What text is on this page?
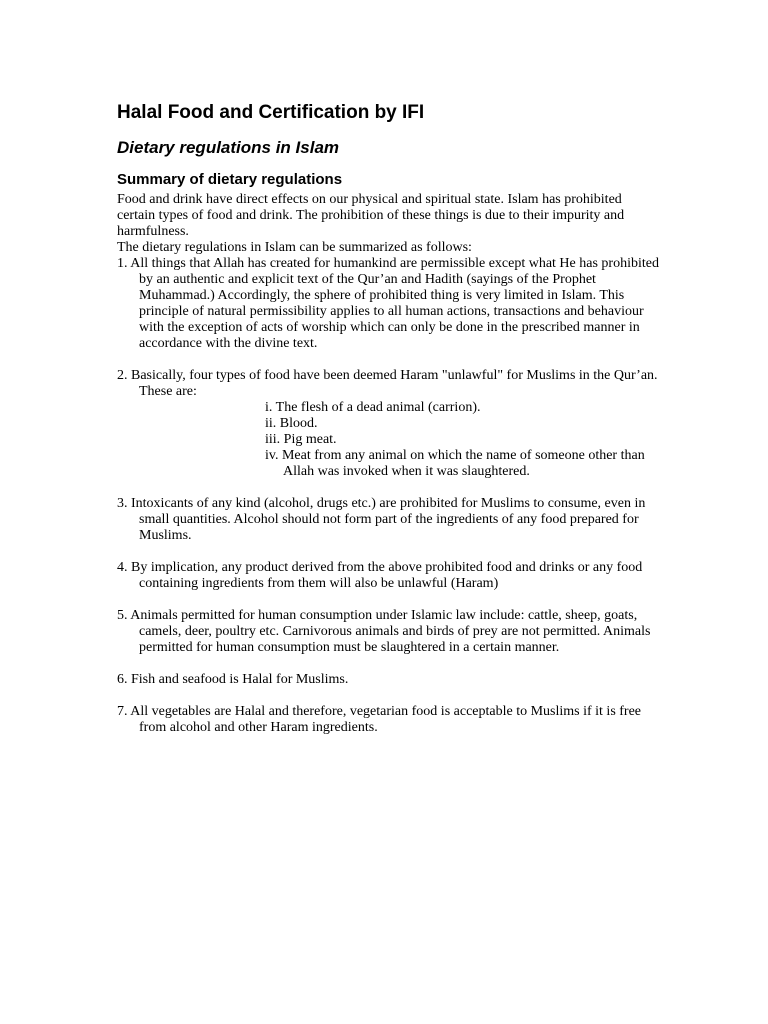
Halal Food and Certification by IFI
Dietary regulations in Islam
Summary of dietary regulations

Food and drink have direct effects on our physical and spiritual state. Islam has prohibited certain types of food and drink. The prohibition of these things is due to their impurity and harmfulness.

The dietary regulations in Islam can be summarized as follows:

1. All things that Allah has created for humankind are permissible except what He has prohibited by an authentic and explicit text of the Qur’an and Hadith (sayings of the Prophet Muhammad.) Accordingly, the sphere of prohibited thing is very limited in Islam. This principle of natural permissibility applies to all human actions, transactions and behaviour with the exception of acts of worship which can only be done in the prescribed manner in accordance with the divine text.
2. Basically, four types of food have been deemed Haram "unlawful" for Muslims in the Qur’an. These are:
i. The flesh of a dead animal (carrion).
ii. Blood.
iii. Pig meat.
iv. Meat from any animal on which the name of someone other than Allah was invoked when it was slaughtered.
3. Intoxicants of any kind (alcohol, drugs etc.) are prohibited for Muslims to consume, even in small quantities. Alcohol should not form part of the ingredients of any food prepared for Muslims.
4. By implication, any product derived from the above prohibited food and drinks or any food containing ingredients from them will also be unlawful (Haram)
5. Animals permitted for human consumption under Islamic law include: cattle, sheep, goats, camels, deer, poultry etc. Carnivorous animals and birds of prey are not permitted. Animals permitted for human consumption must be slaughtered in a certain manner.
6. Fish and seafood is Halal for Muslims.
7. All vegetables are Halal and therefore, vegetarian food is acceptable to Muslims if it is free from alcohol and other Haram ingredients.
